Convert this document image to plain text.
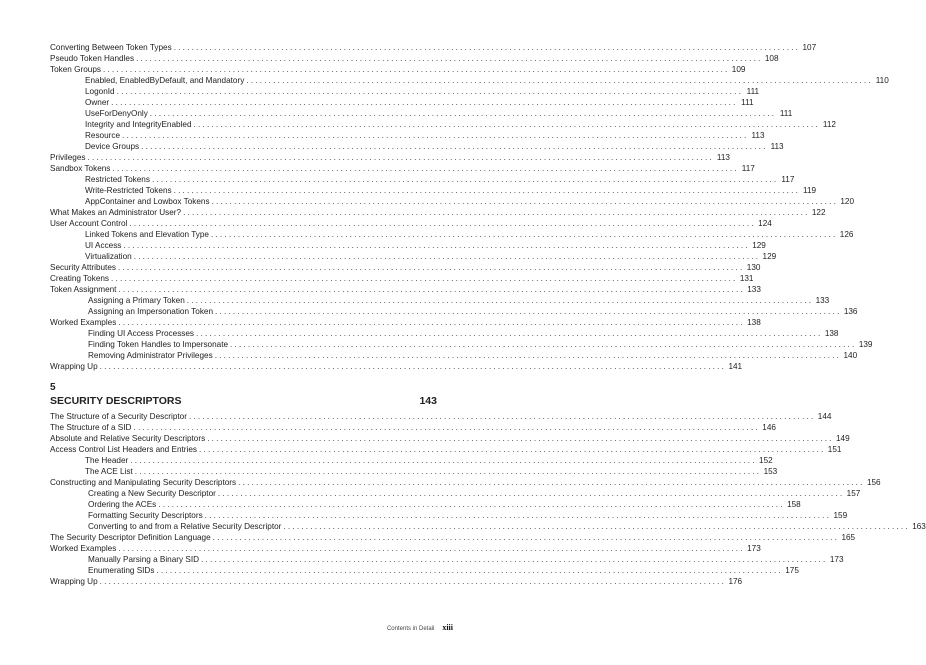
Converting Between Token Types ............................................................................................................................................ 107
Pseudo Token Handles ............................................................................................................................................ 108
Token Groups ............................................................................................................................................ 109
Enabled, EnabledByDefault, and Mandatory ............................................................................................................................................ 110
LogonId ............................................................................................................................................ 111
Owner ............................................................................................................................................ 111
UseForDenyOnly ............................................................................................................................................ 111
Integrity and IntegrityEnabled ............................................................................................................................................ 112
Resource ............................................................................................................................................ 113
Device Groups ............................................................................................................................................ 113
Privileges ............................................................................................................................................ 113
Sandbox Tokens ............................................................................................................................................ 117
Restricted Tokens ............................................................................................................................................ 117
Write-Restricted Tokens ............................................................................................................................................ 119
AppContainer and Lowbox Tokens ............................................................................................................................................ 120
What Makes an Administrator User? ............................................................................................................................................ 122
User Account Control ............................................................................................................................................ 124
Linked Tokens and Elevation Type ............................................................................................................................................ 126
UI Access ............................................................................................................................................ 129
Virtualization ............................................................................................................................................ 129
Security Attributes ............................................................................................................................................ 130
Creating Tokens ............................................................................................................................................ 131
Token Assignment ............................................................................................................................................ 133
Assigning a Primary Token ............................................................................................................................................ 133
Assigning an Impersonation Token ............................................................................................................................................ 136
Worked Examples ............................................................................................................................................ 138
Finding UI Access Processes ............................................................................................................................................ 138
Finding Token Handles to Impersonate ............................................................................................................................................ 139
Removing Administrator Privileges ............................................................................................................................................ 140
Wrapping Up ............................................................................................................................................ 141
5
SECURITY DESCRIPTORS	143
The Structure of a Security Descriptor ............................................................................................................................................ 144
The Structure of a SID ............................................................................................................................................ 146
Absolute and Relative Security Descriptors ............................................................................................................................................ 149
Access Control List Headers and Entries ............................................................................................................................................ 151
The Header ............................................................................................................................................ 152
The ACE List ............................................................................................................................................ 153
Constructing and Manipulating Security Descriptors ............................................................................................................................................ 156
Creating a New Security Descriptor ............................................................................................................................................ 157
Ordering the ACEs ............................................................................................................................................ 158
Formatting Security Descriptors ............................................................................................................................................ 159
Converting to and from a Relative Security Descriptor ............................................................................................................................................ 163
The Security Descriptor Definition Language ............................................................................................................................................ 165
Worked Examples ............................................................................................................................................ 173
Manually Parsing a Binary SID ............................................................................................................................................ 173
Enumerating SIDs ............................................................................................................................................ 175
Wrapping Up ............................................................................................................................................ 176
Contents in Detail xiii
